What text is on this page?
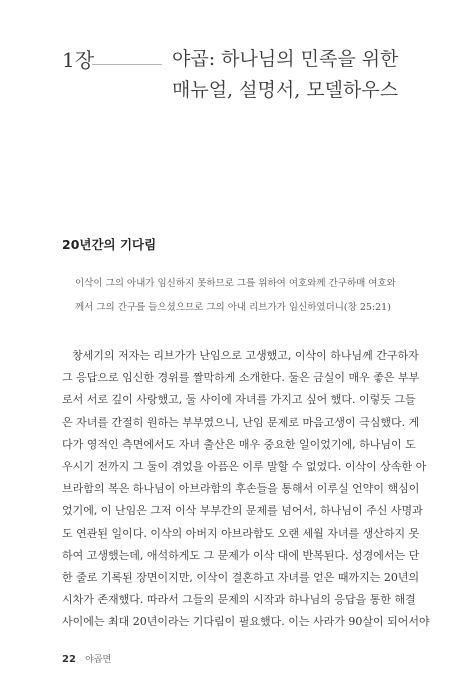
1장	야곱: 하나님의 민족을 위한
매뉴얼, 설명서, 모델하우스
20년간의 기다림
이삭이 그의 아내가 임신하지 못하므로 그를 위하여 여호와께 간구하매 여호와
께서 그의 간구를 들으셨으므로 그의 아내 리브가가 임신하였더니(창 25:21)
창세기의 저자는 리브가가 난임으로 고생했고, 이삭이 하나님께 간구하자
그 응답으로 임신한 경위를 짤막하게 소개한다. 둘은 금실이 매우 좋은 부부
로서 서로 깊이 사랑했고, 둘 사이에 자녀를 가지고 싶어 했다. 이렇듯 그들
은 자녀를 간절히 원하는 부부였으니, 난임 문제로 마음고생이 극심했다. 게
다가 영적인 측면에서도 자녀 출산은 매우 중요한 일이었기에, 하나님이 도
우시기 전까지 그 둘이 겪었을 아픔은 이루 말할 수 없었다. 이삭이 상속한 아
브라함의 복은 하나님이 아브라함의 후손들을 통해서 이루실 언약이 핵심이
었기에, 이 난임은 그저 이삭 부부간의 문제를 넘어서, 하나님이 주신 사명과
도 연관된 일이다. 이삭의 아버지 아브라함도 오랜 세월 자녀를 생산하지 못
하여 고생했는데, 애석하게도 그 문제가 이삭 대에 반복된다. 성경에서는 단
한 줄로 기록된 장면이지만, 이삭이 결혼하고 자녀를 얻은 때까지는 20년의
시차가 존재했다. 따라서 그들의 문제의 시작과 하나님의 응답을 통한 해결
사이에는 최대 20년이라는 기다림이 필요했다. 이는 사라가 90살이 되어서야
22 야곱면
